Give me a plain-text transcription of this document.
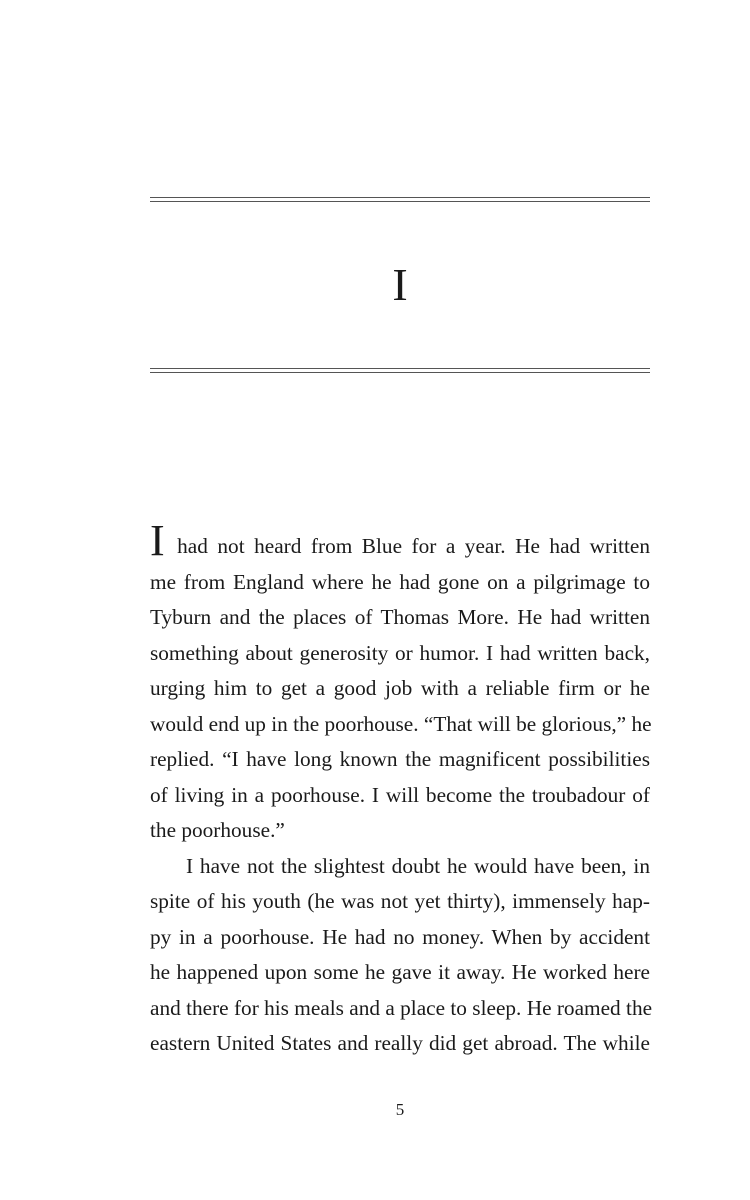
I

I had not heard from Blue for a year. He had written
me from England where he had gone on a pilgrimage to
Tyburn and the places of Thomas More. He had written
something about generosity or humor. I had written back,
urging him to get a good job with a reliable firm or he
would end up in the poorhouse. “That will be glorious,” he
replied. “I have long known the magnificent possibilities
of living in a poorhouse. I will become the troubadour of
the poorhouse.”

I have not the slightest doubt he would have been, in
spite of his youth (he was not yet thirty), immensely hap-
py in a poorhouse. He had no money. When by accident
he happened upon some he gave it away. He worked here
and there for his meals and a place to sleep. He roamed the
eastern United States and really did get abroad. The while

5
